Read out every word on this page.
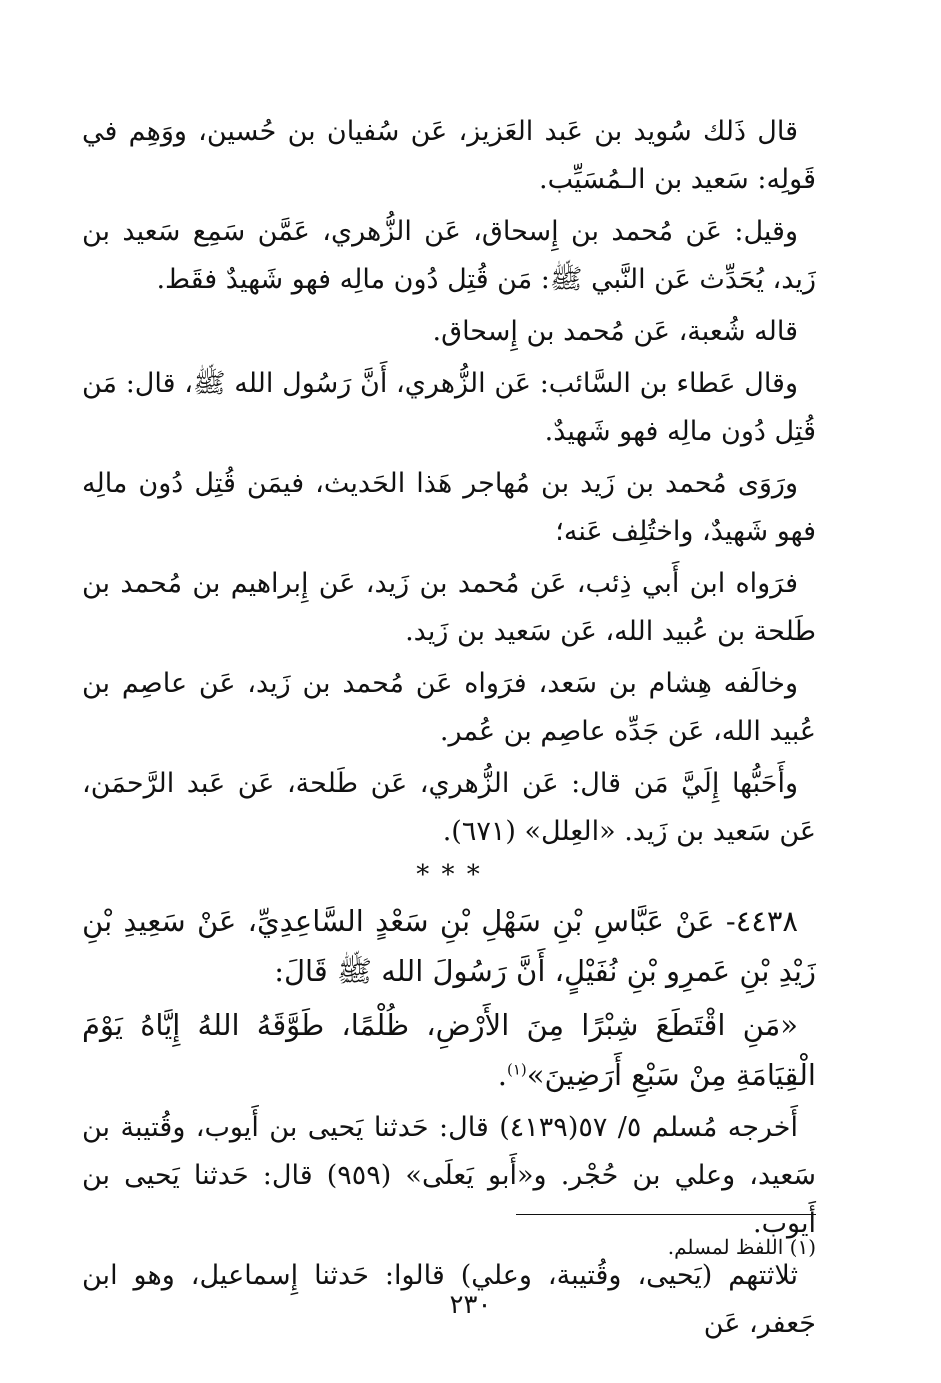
قال ذَلك سُويد بن عَبد العَزيز، عَن سُفيان بن حُسين، ووَهِم في قَولِه: سَعيد بن الـمُسَيِّب.

وقيل: عَن مُحمد بن إِسحاق، عَن الزُّهري، عَمَّن سَمِع سَعيد بن زَيد، يُحَدِّث عَن النَّبي ﷺ: مَن قُتِل دُون مالِه فهو شَهيدٌ فقَط.

قاله شُعبة، عَن مُحمد بن إِسحاق.

وقال عَطاء بن السَّائب: عَن الزُّهري، أَنَّ رَسُول الله ﷺ، قال: مَن قُتِل دُون مالِه فهو شَهيدٌ.

ورَوَى مُحمد بن زَيد بن مُهاجر هَذا الحَديث، فيمَن قُتِل دُون مالِه فهو شَهيدٌ، واختُلِف عَنه؛

فرَواه ابن أَبي ذِئب، عَن مُحمد بن زَيد، عَن إِبراهيم بن مُحمد بن طَلحة بن عُبيد الله، عَن سَعيد بن زَيد.

وخالَفه هِشام بن سَعد، فرَواه عَن مُحمد بن زَيد، عَن عاصِم بن عُبيد الله، عَن جَدِّه عاصِم بن عُمر.

وأَحَبُّها إِلَيَّ مَن قال: عَن الزُّهري، عَن طَلحة، عَن عَبد الرَّحمَن، عَن سَعيد بن زَيد. «العِلل» (٦٧١).

* * *

٤٤٣٨- عَنْ عَبَّاسِ بْنِ سَهْلِ بْنِ سَعْدٍ السَّاعِدِيِّ، عَنْ سَعِيدِ بْنِ زَيْدِ بْنِ عَمرِو بْنِ نُفَيْلٍ، أَنَّ رَسُولَ الله ﷺ قَالَ:

«مَنِ اقْتَطَعَ شِبْرًا مِنَ الأَرْضِ، ظُلْمًا، طَوَّقَهُ اللهُ إِيَّاهُ يَوْمَ الْقِيَامَةِ مِنْ سَبْعِ أَرَضِينَ»$^{(١)}$.

أَخرجه مُسلم ٥/ ٥٧(٤١٣٩) قال: حَدثنا يَحيى بن أَيوب، وقُتيبة بن سَعيد، وعلي بن حُجْر. و«أَبو يَعلَى» (٩٥٩) قال: حَدثنا يَحيى بن أَيوب.

ثلاثتهم (يَحيى، وقُتيبة، وعلي) قالوا: حَدثنا إِسماعيل، وهو ابن جَعفر، عَن

(١) اللفظ لمسلم.
٢٣٠
